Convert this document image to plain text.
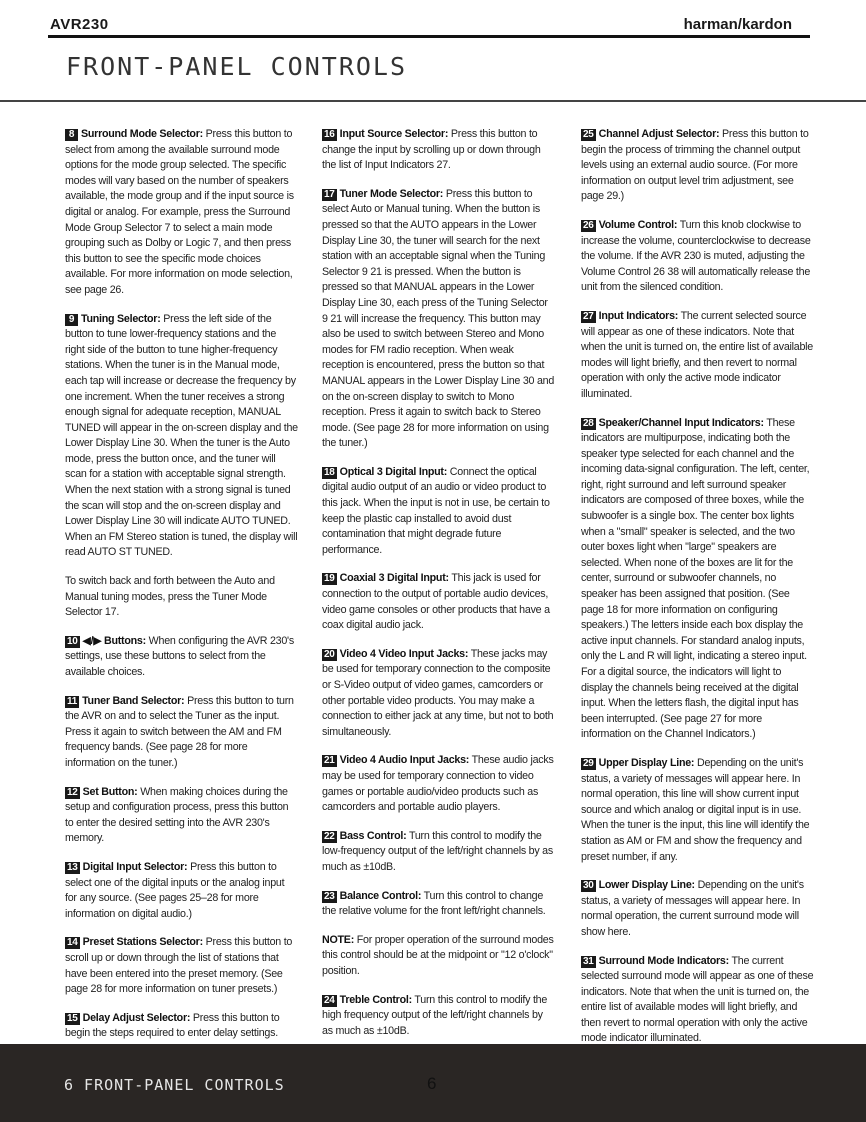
AVR230	harman/kardon
FRONT-PANEL CONTROLS

8 Surround Mode Selector: Press this button to select from among the available surround mode options for the mode group selected. The specific modes will vary based on the number of speakers available, the mode group and if the input source is digital or analog. For example, press the Surround Mode Group Selector 7 to select a main mode grouping such as Dolby or Logic 7, and then press this button to see the specific mode choices available. For more information on mode selection, see page 26.

9 Tuning Selector: Press the left side of the button to tune lower-frequency stations and the right side of the button to tune higher-frequency stations. When the tuner is in the Manual mode, each tap will increase or decrease the frequency by one increment. When the tuner receives a strong enough signal for adequate reception, MANUAL TUNED will appear in the on-screen display and the Lower Display Line 30. When the tuner is the Auto mode, press the button once, and the tuner will scan for a station with acceptable signal strength. When the next station with a strong signal is tuned the scan will stop and the on-screen display and Lower Display Line 30 will indicate AUTO TUNED. When an FM Stereo station is tuned, the display will read AUTO ST TUNED.

To switch back and forth between the Auto and Manual tuning modes, press the Tuner Mode Selector 17.

10 ◀/▶ Buttons: When configuring the AVR 230's settings, use these buttons to select from the available choices.

11 Tuner Band Selector: Press this button to turn the AVR on and to select the Tuner as the input. Press it again to switch between the AM and FM frequency bands. (See page 28 for more information on the tuner.)

12 Set Button: When making choices during the setup and configuration process, press this button to enter the desired setting into the AVR 230's memory.

13 Digital Input Selector: Press this button to select one of the digital inputs or the analog input for any source. (See pages 25–28 for more information on digital audio.)

14 Preset Stations Selector: Press this button to scroll up or down through the list of stations that have been entered into the preset memory. (See page 28 for more information on tuner presets.)

15 Delay Adjust Selector: Press this button to begin the steps required to enter delay settings.

16 Input Source Selector: Press this button to change the input by scrolling up or down through the list of Input Indicators 27.

17 Tuner Mode Selector: Press this button to select Auto or Manual tuning. When the button is pressed so that the AUTO appears in the Lower Display Line 30, the tuner will search for the next station with an acceptable signal when the Tuning Selector 9 21 is pressed. When the button is pressed so that MANUAL appears in the Lower Display Line 30, each press of the Tuning Selector 9 21 will increase the frequency. This button may also be used to switch between Stereo and Mono modes for FM radio reception. When weak reception is encountered, press the button so that MANUAL appears in the Lower Display Line 30 and on the on-screen display to switch to Mono reception. Press it again to switch back to Stereo mode. (See page 28 for more information on using the tuner.)

18 Optical 3 Digital Input: Connect the optical digital audio output of an audio or video product to this jack. When the input is not in use, be certain to keep the plastic cap installed to avoid dust contamination that might degrade future performance.

19 Coaxial 3 Digital Input: This jack is used for connection to the output of portable audio devices, video game consoles or other products that have a coax digital audio jack.

20 Video 4 Video Input Jacks: These jacks may be used for temporary connection to the composite or S-Video output of video games, camcorders or other portable video products. You may make a connection to either jack at any time, but not to both simultaneously.

21 Video 4 Audio Input Jacks: These audio jacks may be used for temporary connection to video games or portable audio/video products such as camcorders and portable audio players.

22 Bass Control: Turn this control to modify the low-frequency output of the left/right channels by as much as ±10dB.

23 Balance Control: Turn this control to change the relative volume for the front left/right channels.

NOTE: For proper operation of the surround modes this control should be at the midpoint or "12 o'clock" position.

24 Treble Control: Turn this control to modify the high frequency output of the left/right channels by as much as ±10dB.

25 Channel Adjust Selector: Press this button to begin the process of trimming the channel output levels using an external audio source. (For more information on output level trim adjustment, see page 29.)

26 Volume Control: Turn this knob clockwise to increase the volume, counterclockwise to decrease the volume. If the AVR 230 is muted, adjusting the Volume Control 26 38 will automatically release the unit from the silenced condition.

27 Input Indicators: The current selected source will appear as one of these indicators. Note that when the unit is turned on, the entire list of available modes will light briefly, and then revert to normal operation with only the active mode indicator illuminated.

28 Speaker/Channel Input Indicators: These indicators are multipurpose, indicating both the speaker type selected for each channel and the incoming data-signal configuration. The left, center, right, right surround and left surround speaker indicators are composed of three boxes, while the subwoofer is a single box. The center box lights when a "small" speaker is selected, and the two outer boxes light when "large" speakers are selected. When none of the boxes are lit for the center, surround or subwoofer channels, no speaker has been assigned that position. (See page 18 for more information on configuring speakers.) The letters inside each box display the active input channels. For standard analog inputs, only the L and R will light, indicating a stereo input. For a digital source, the indicators will light to display the channels being received at the digital input. When the letters flash, the digital input has been interrupted. (See page 27 for more information on the Channel Indicators.)

29 Upper Display Line: Depending on the unit's status, a variety of messages will appear here. In normal operation, this line will show current input source and which analog or digital input is in use. When the tuner is the input, this line will identify the station as AM or FM and show the frequency and preset number, if any.

30 Lower Display Line: Depending on the unit's status, a variety of messages will appear here. In normal operation, the current surround mode will show here.

31 Surround Mode Indicators: The current selected surround mode will appear as one of these indicators. Note that when the unit is turned on, the entire list of available modes will light briefly, and then revert to normal operation with only the active mode indicator illuminated.

6 FRONT-PANEL CONTROLS	6
